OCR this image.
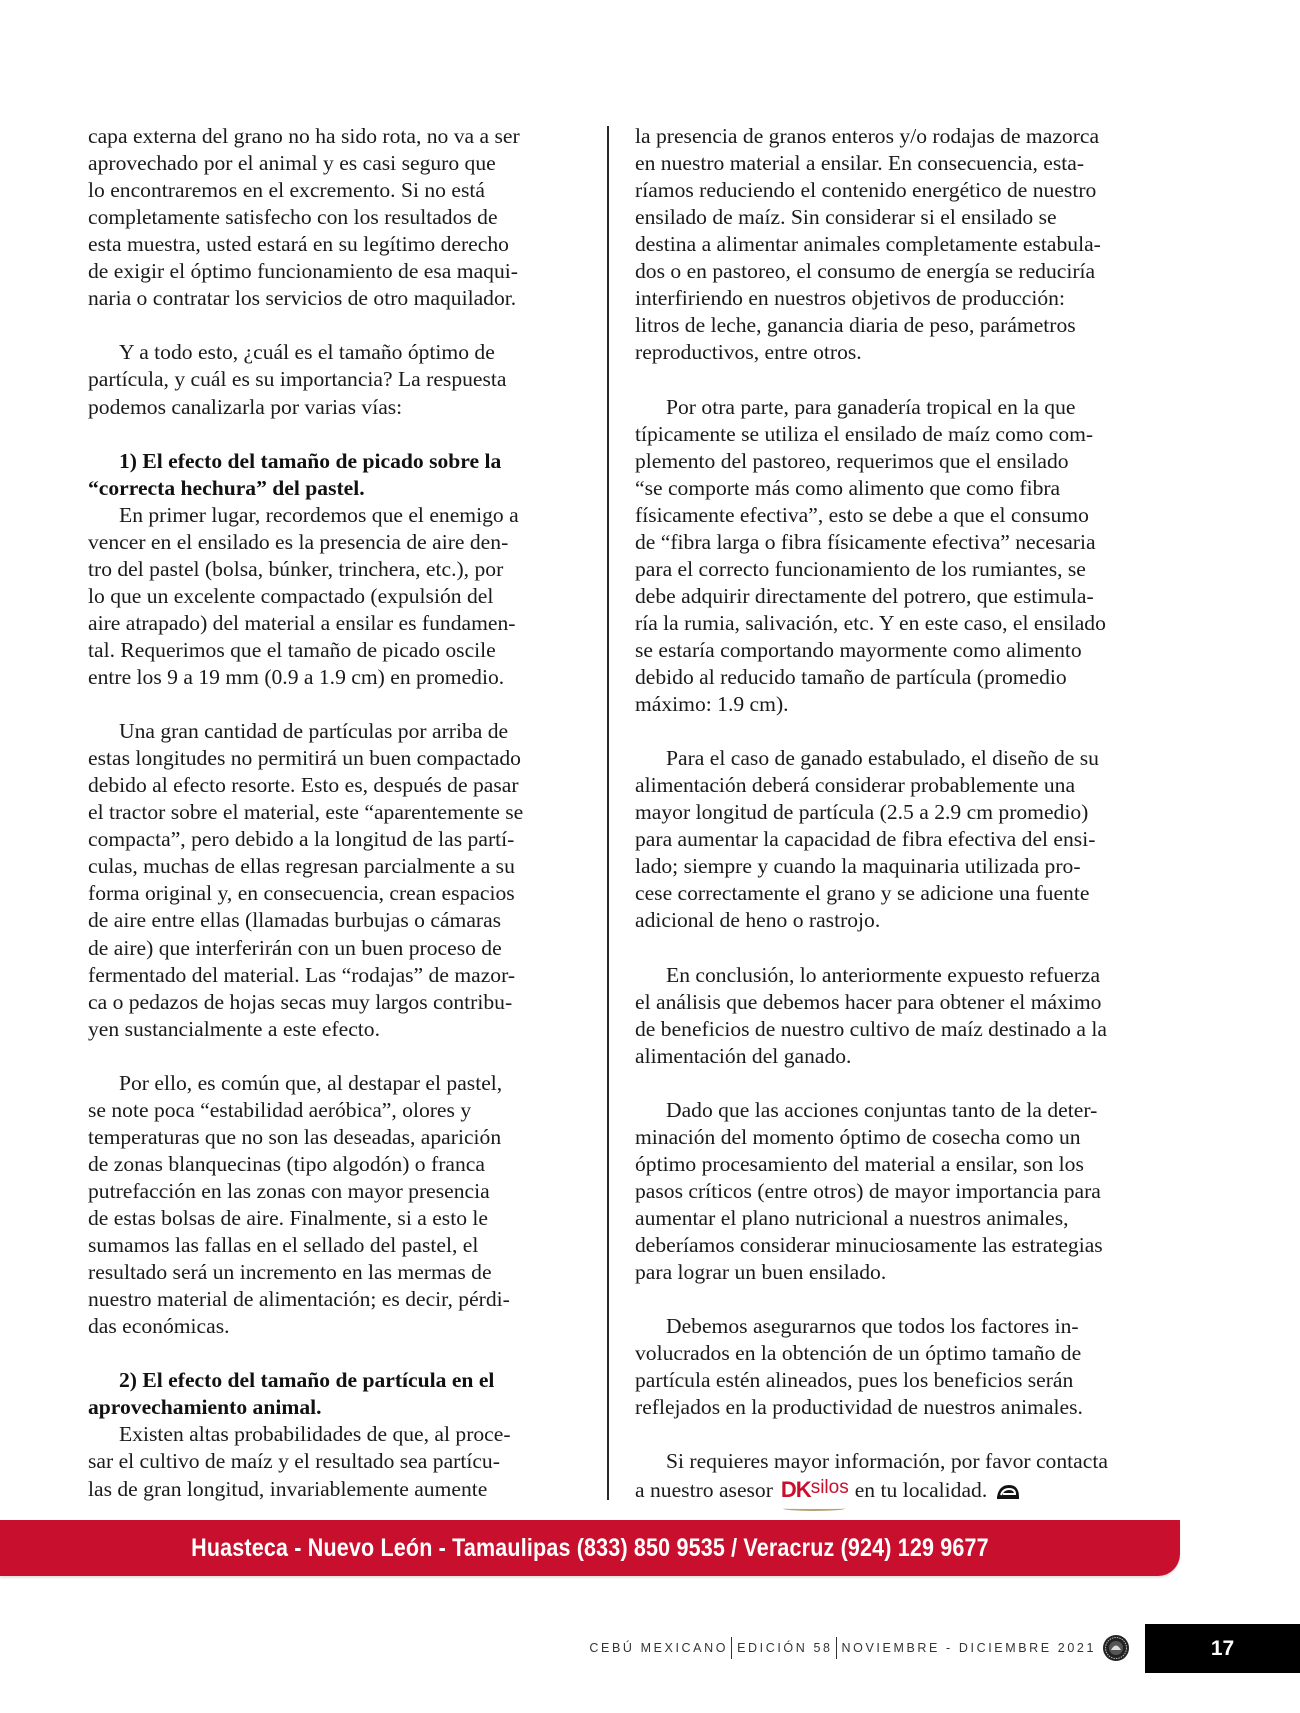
capa externa del grano no ha sido rota, no va a ser
aprovechado por el animal y es casi seguro que
lo encontraremos en el excremento. Si no está
completamente satisfecho con los resultados de
esta muestra, usted estará en su legítimo derecho
de exigir el óptimo funcionamiento de esa maqui-
naria o contratar los servicios de otro maquilador.
Y a todo esto, ¿cuál es el tamaño óptimo de
partícula, y cuál es su importancia? La respuesta
podemos canalizarla por varias vías:
1) El efecto del tamaño de picado sobre la
“correcta hechura” del pastel.
En primer lugar, recordemos que el enemigo a
vencer en el ensilado es la presencia de aire den-
tro del pastel (bolsa, búnker, trinchera, etc.), por
lo que un excelente compactado (expulsión del
aire atrapado) del material a ensilar es fundamen-
tal. Requerimos que el tamaño de picado oscile
entre los 9 a 19 mm (0.9 a 1.9 cm) en promedio.
Una gran cantidad de partículas por arriba de
estas longitudes no permitirá un buen compactado
debido al efecto resorte. Esto es, después de pasar
el tractor sobre el material, este “aparentemente se
compacta”, pero debido a la longitud de las partí-
culas, muchas de ellas regresan parcialmente a su
forma original y, en consecuencia, crean espacios
de aire entre ellas (llamadas burbujas o cámaras
de aire) que interferirán con un buen proceso de
fermentado del material. Las “rodajas” de mazor-
ca o pedazos de hojas secas muy largos contribu-
yen sustancialmente a este efecto.
Por ello, es común que, al destapar el pastel,
se note poca “estabilidad aeróbica”, olores y
temperaturas que no son las deseadas, aparición
de zonas blanquecinas (tipo algodón) o franca
putrefacción en las zonas con mayor presencia
de estas bolsas de aire. Finalmente, si a esto le
sumamos las fallas en el sellado del pastel, el
resultado será un incremento en las mermas de
nuestro material de alimentación; es decir, pérdi-
das económicas.
2) El efecto del tamaño de partícula en el
aprovechamiento animal.
Existen altas probabilidades de que, al proce-
sar el cultivo de maíz y el resultado sea partícu-
las de gran longitud, invariablemente aumente
la presencia de granos enteros y/o rodajas de mazorca
en nuestro material a ensilar. En consecuencia, esta-
ríamos reduciendo el contenido energético de nuestro
ensilado de maíz. Sin considerar si el ensilado se
destina a alimentar animales completamente estabula-
dos o en pastoreo, el consumo de energía se reduciría
interfiriendo en nuestros objetivos de producción:
litros de leche, ganancia diaria de peso, parámetros
reproductivos, entre otros.
Por otra parte, para ganadería tropical en la que
típicamente se utiliza el ensilado de maíz como com-
plemento del pastoreo, requerimos que el ensilado
“se comporte más como alimento que como fibra
físicamente efectiva”, esto se debe a que el consumo
de “fibra larga o fibra físicamente efectiva” necesaria
para el correcto funcionamiento de los rumiantes, se
debe adquirir directamente del potrero, que estimula-
ría la rumia, salivación, etc. Y en este caso, el ensilado
se estaría comportando mayormente como alimento
debido al reducido tamaño de partícula (promedio
máximo: 1.9 cm).
Para el caso de ganado estabulado, el diseño de su
alimentación deberá considerar probablemente una
mayor longitud de partícula (2.5 a 2.9 cm promedio)
para aumentar la capacidad de fibra efectiva del ensi-
lado; siempre y cuando la maquinaria utilizada pro-
cese correctamente el grano y se adicione una fuente
adicional de heno o rastrojo.
En conclusión, lo anteriormente expuesto refuerza
el análisis que debemos hacer para obtener el máximo
de beneficios de nuestro cultivo de maíz destinado a la
alimentación del ganado.
Dado que las acciones conjuntas tanto de la deter-
minación del momento óptimo de cosecha como un
óptimo procesamiento del material a ensilar, son los
pasos críticos (entre otros) de mayor importancia para
aumentar el plano nutricional a nuestros animales,
deberíamos considerar minuciosamente las estrategias
para lograr un buen ensilado.
Debemos asegurarnos que todos los factores in-
volucrados en la obtención de un óptimo tamaño de
partícula estén alineados, pues los beneficios serán
reflejados en la productividad de nuestros animales.
Si requieres mayor información, por favor contacta
a nuestro asesor DKsilos en tu localidad.
Huasteca - Nuevo León - Tamaulipas (833) 850 9535 / Veracruz (924) 129 9677
CEBÚ MEXICANO EDICIÓN 58 NOVIEMBRE - DICIEMBRE 2021	17
